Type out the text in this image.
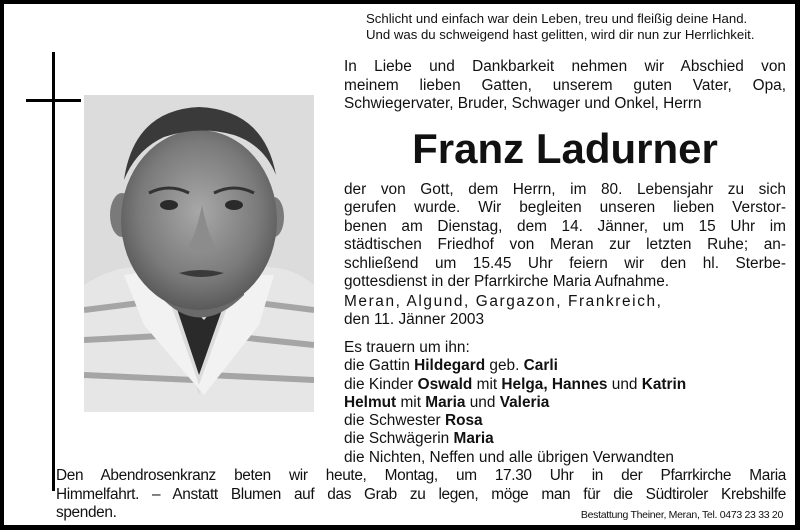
Schlicht und einfach war dein Leben, treu und fleißig deine Hand.
Und was du schweigend hast gelitten, wird dir nun zur Herrlichkeit.
In Liebe und Dankbarkeit nehmen wir Abschied von
meinem lieben Gatten, unserem guten Vater, Opa,
Schwiegervater, Bruder, Schwager und Onkel, Herrn
Franz Ladurner
der von Gott, dem Herrn, im 80. Lebensjahr zu sich
gerufen wurde. Wir begleiten unseren lieben Verstor-
benen am Dienstag, dem 14. Jänner, um 15 Uhr im
städtischen Friedhof von Meran zur letzten Ruhe; an-
schließend um 15.45 Uhr feiern wir den hl. Sterbe-
gottesdienst in der Pfarrkirche Maria Aufnahme.
Meran, Algund, Gargazon, Frankreich,
den 11. Jänner 2003
Es trauern um ihn:
die Gattin Hildegard geb. Carli
die Kinder Oswald mit Helga, Hannes und Katrin
Helmut mit Maria und Valeria
die Schwester Rosa
die Schwägerin Maria
die Nichten, Neffen und alle übrigen Verwandten
Den Abendrosenkranz beten wir heute, Montag, um 17.30 Uhr in der Pfarrkirche Maria
Himmelfahrt. – Anstatt Blumen auf das Grab zu legen, möge man für die Südtiroler Krebshilfe
spenden.	Bestattung Theiner, Meran, Tel. 0473 23 33 20
